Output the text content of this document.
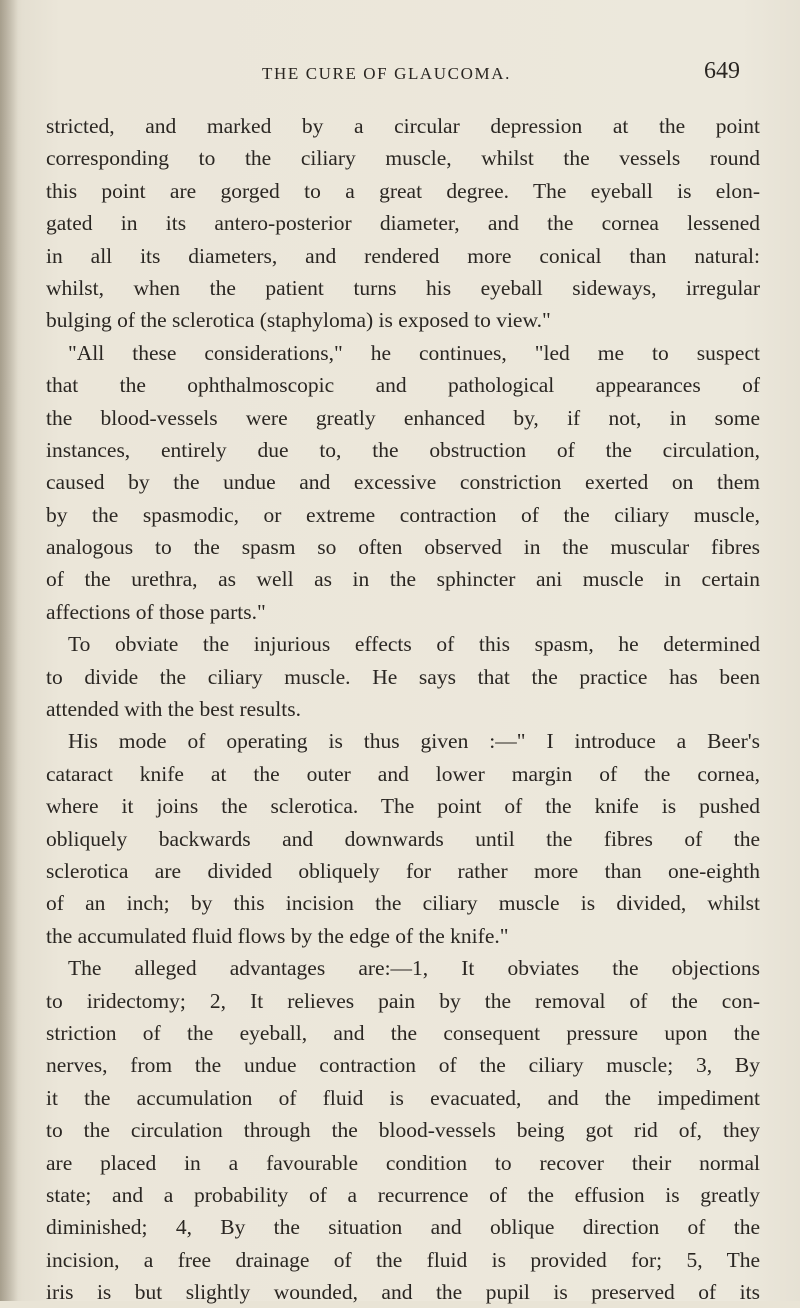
THE CURE OF GLAUCOMA.	649
stricted, and marked by a circular depression at the point
corresponding to the ciliary muscle, whilst the vessels round
this point are gorged to a great degree. The eyeball is elon-
gated in its antero-posterior diameter, and the cornea lessened
in all its diameters, and rendered more conical than natural:
whilst, when the patient turns his eyeball sideways, irregular
bulging of the sclerotica (staphyloma) is exposed to view."
"All these considerations," he continues, "led me to suspect
that the ophthalmoscopic and pathological appearances of
the blood-vessels were greatly enhanced by, if not, in some
instances, entirely due to, the obstruction of the circulation,
caused by the undue and excessive constriction exerted on them
by the spasmodic, or extreme contraction of the ciliary muscle,
analogous to the spasm so often observed in the muscular fibres
of the urethra, as well as in the sphincter ani muscle in certain
affections of those parts."
To obviate the injurious effects of this spasm, he determined
to divide the ciliary muscle. He says that the practice has been
attended with the best results.
His mode of operating is thus given :—" I introduce a Beer's
cataract knife at the outer and lower margin of the cornea,
where it joins the sclerotica. The point of the knife is pushed
obliquely backwards and downwards until the fibres of the
sclerotica are divided obliquely for rather more than one-eighth
of an inch; by this incision the ciliary muscle is divided, whilst
the accumulated fluid flows by the edge of the knife."
The alleged advantages are:—1, It obviates the objections
to iridectomy; 2, It relieves pain by the removal of the con-
striction of the eyeball, and the consequent pressure upon the
nerves, from the undue contraction of the ciliary muscle; 3, By
it the accumulation of fluid is evacuated, and the impediment
to the circulation through the blood-vessels being got rid of, they
are placed in a favourable condition to recover their normal
state; and a probability of a recurrence of the effusion is greatly
diminished; 4, By the situation and oblique direction of the
incision, a free drainage of the fluid is provided for; 5, The
iris is but slightly wounded, and the pupil is preserved of its
